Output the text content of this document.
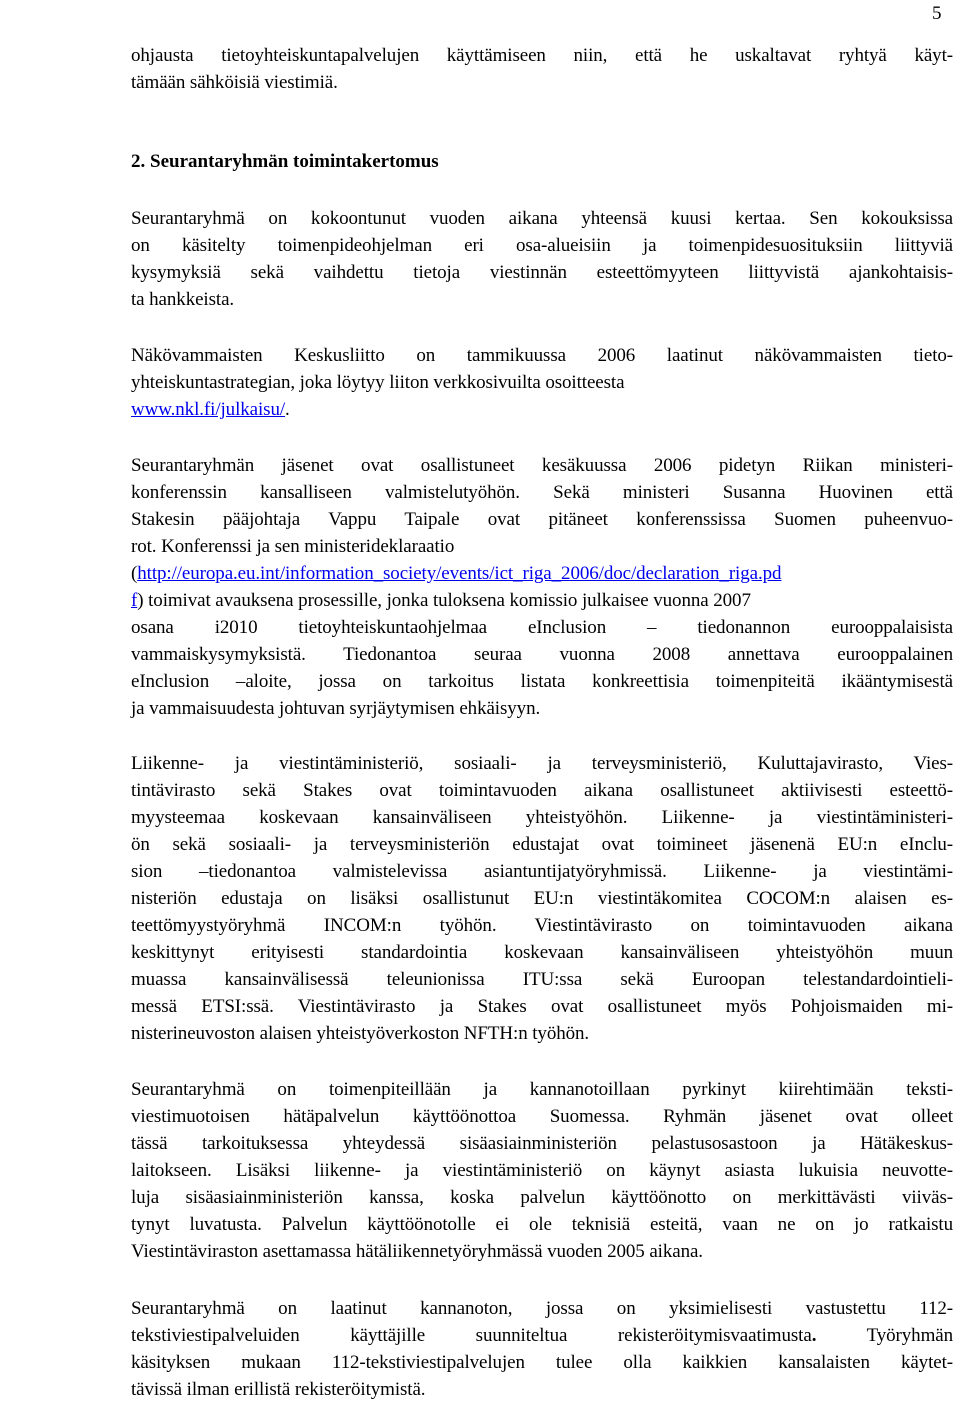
5
ohjausta tietoyhteiskuntapalvelujen käyttämiseen niin, että he uskaltavat ryhtyä käyt-
tämään sähköisiä viestimiä.
2. Seurantaryhmän toimintakertomus
Seurantaryhmä on kokoontunut vuoden aikana yhteensä kuusi kertaa. Sen kokouksissa
on käsitelty toimenpideohjelman eri osa-alueisiin ja toimenpidesuosituksiin liittyviä
kysymyksiä sekä vaihdettu tietoja viestinnän esteettömyyteen liittyvistä ajankohtaisis-
ta hankkeista.
Näkövammaisten Keskusliitto on tammikuussa 2006 laatinut näkövammaisten tieto-
yhteiskuntastrategian, joka löytyy liiton verkkosivuilta osoitteesta
www.nkl.fi/julkaisu/.
Seurantaryhmän jäsenet ovat osallistuneet kesäkuussa 2006 pidetyn Riikan ministeri-
konferenssin kansalliseen valmistelutyöhön. Sekä ministeri Susanna Huovinen että
Stakesin pääjohtaja Vappu Taipale ovat pitäneet konferenssissa Suomen puheenvuo-
rot. Konferenssi ja sen ministerideklaraatio
(http://europa.eu.int/information_society/events/ict_riga_2006/doc/declaration_riga.pd
f) toimivat avauksena prosessille, jonka tuloksena komissio julkaisee vuonna 2007
osana i2010 tietoyhteiskuntaohjelmaa eInclusion – tiedonannon eurooppalaisista
vammaiskysymyksistä. Tiedonantoa seuraa vuonna 2008 annettava eurooppalainen
eInclusion –aloite, jossa on tarkoitus listata konkreettisia toimenpiteitä ikääntymisestä
ja vammaisuudesta johtuvan syrjäytymisen ehkäisyyn.
Liikenne- ja viestintäministeriö, sosiaali- ja terveysministeriö, Kuluttajavirasto, Vies-
tintävirasto sekä Stakes ovat toimintavuoden aikana osallistuneet aktiivisesti esteettö-
myysteemaa koskevaan kansainväliseen yhteistyöhön. Liikenne- ja viestintäministeri-
ön sekä sosiaali- ja terveysministeriön edustajat ovat toimineet jäsenenä EU:n eInclu-
sion –tiedonantoa valmistelevissa asiantuntijatyöryhmissä. Liikenne- ja viestintämi-
nisteriön edustaja on lisäksi osallistunut EU:n viestintäkomitea COCOM:n alaisen es-
teettömyystyöryhmä INCOM:n työhön. Viestintävirasto on toimintavuoden aikana
keskittynyt erityisesti standardointia koskevaan kansainväliseen yhteistyöhön muun
muassa kansainvälisessä teleunionissa ITU:ssa sekä Euroopan telestandardointieli-
messä ETSI:ssä. Viestintävirasto ja Stakes ovat osallistuneet myös Pohjoismaiden mi-
nisterineuvoston alaisen yhteistyöverkoston NFTH:n työhön.
Seurantaryhmä on toimenpiteillään ja kannanotoillaan pyrkinyt kiirehtimään teksti-
viestimuotoisen hätäpalvelun käyttöönottoa Suomessa. Ryhmän jäsenet ovat olleet
tässä tarkoituksessa yhteydessä sisäasiainministeriön pelastusosastoon ja Hätäkeskus-
laitokseen. Lisäksi liikenne- ja viestintäministeriö on käynyt asiasta lukuisia neuvotte-
luja sisäasiainministeriön kanssa, koska palvelun käyttöönotto on merkittävästi viiväs-
tynyt luvatusta. Palvelun käyttöönotolle ei ole teknisiä esteitä, vaan ne on jo ratkaistu
Viestintäviraston asettamassa hätäliikennetyöryhmässä vuoden 2005 aikana.
Seurantaryhmä on laatinut kannanoton, jossa on yksimielisesti vastustettu 112-
tekstiviestipalveluiden käyttäjille suunniteltua rekisteröitymisvaatimusta. Työryhmän
käsityksen mukaan 112-tekstiviestipalvelujen tulee olla kaikkien kansalaisten käytet-
tävissä ilman erillistä rekisteröitymistä.
